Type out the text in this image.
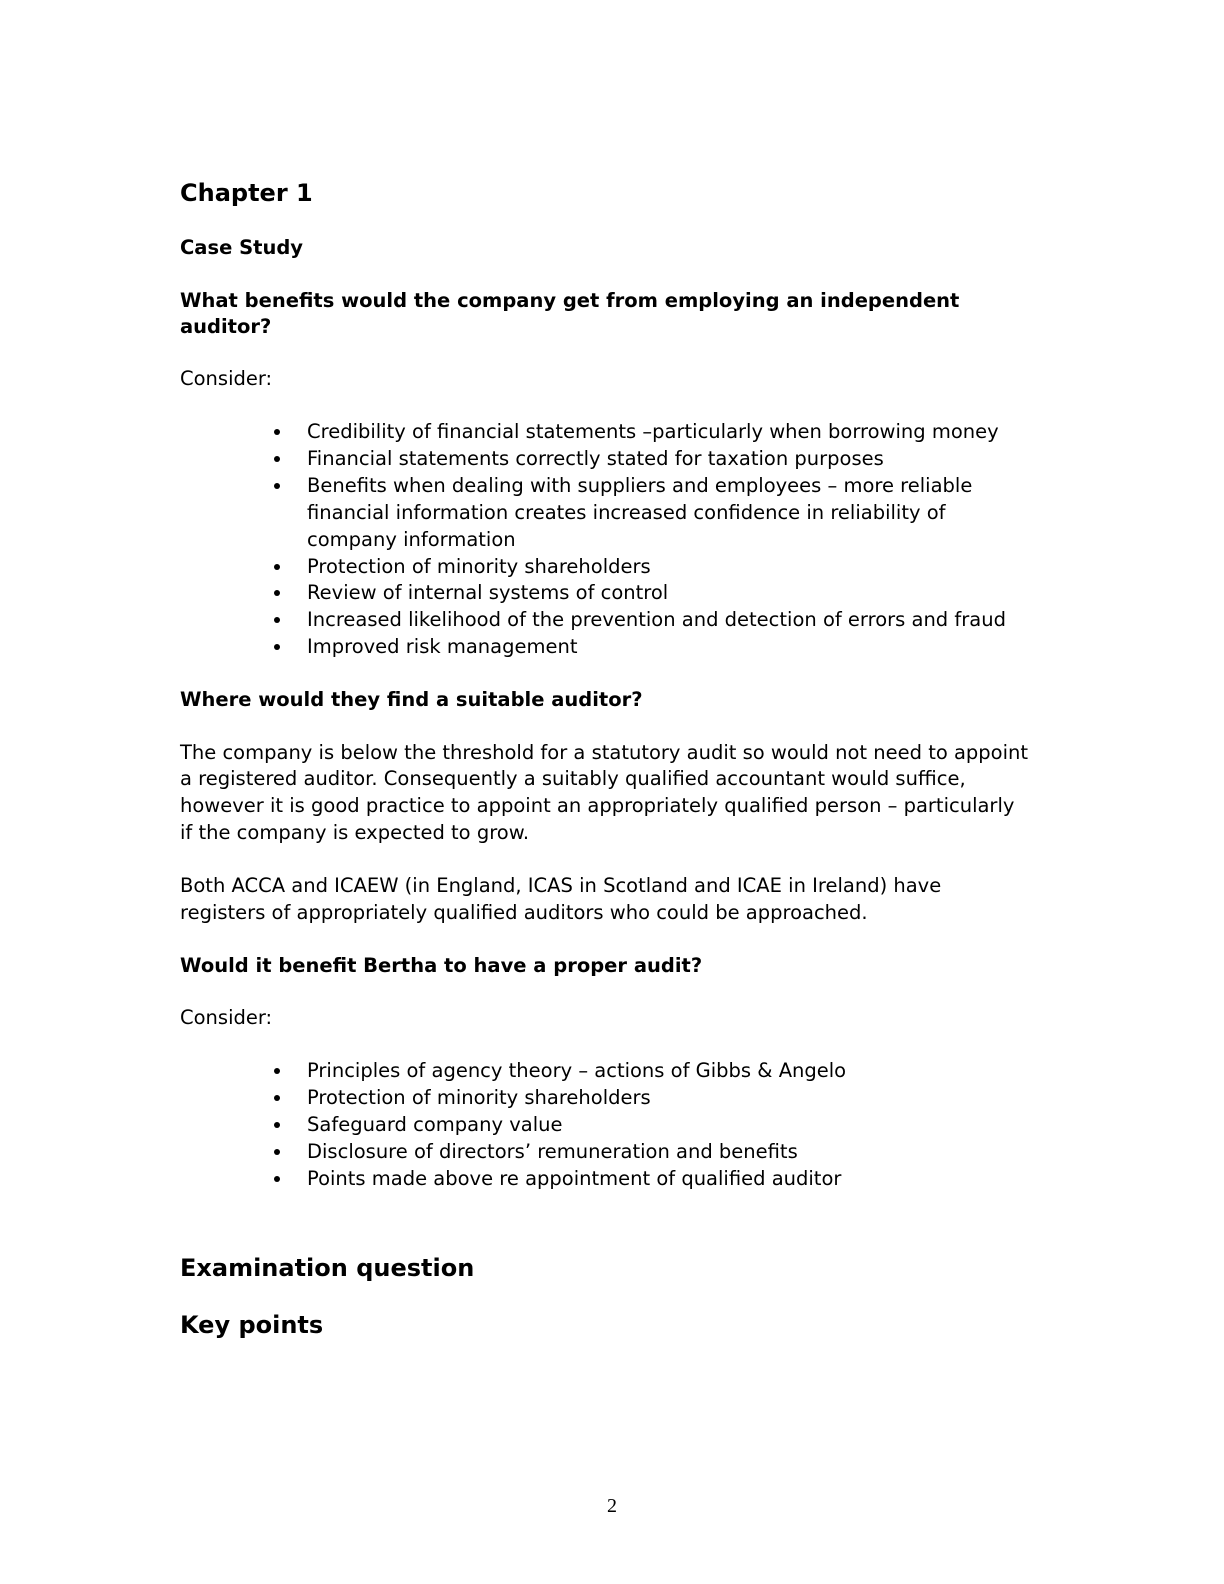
Chapter 1
Case Study
What benefits would the company get from employing an independent auditor?
Consider:
• Credibility of financial statements –particularly when borrowing money
• Financial statements correctly stated for taxation purposes
• Benefits when dealing with suppliers and employees – more reliable financial information creates increased confidence in reliability of company information
• Protection of minority shareholders
• Review of internal systems of control
• Increased likelihood of the prevention and detection of errors and fraud
• Improved risk management
Where would they find a suitable auditor?
The company is below the threshold for a statutory audit so would not need to appoint a registered auditor. Consequently a suitably qualified accountant would suffice, however it is good practice to appoint an appropriately qualified person – particularly if the company is expected to grow.
Both ACCA and ICAEW (in England, ICAS in Scotland and ICAE in Ireland) have registers of appropriately qualified auditors who could be approached.
Would it benefit Bertha to have a proper audit?
Consider:
• Principles of agency theory – actions of Gibbs & Angelo
• Protection of minority shareholders
• Safeguard company value
• Disclosure of directors’ remuneration and benefits
• Points made above re appointment of qualified auditor
Examination question
Key points
2
